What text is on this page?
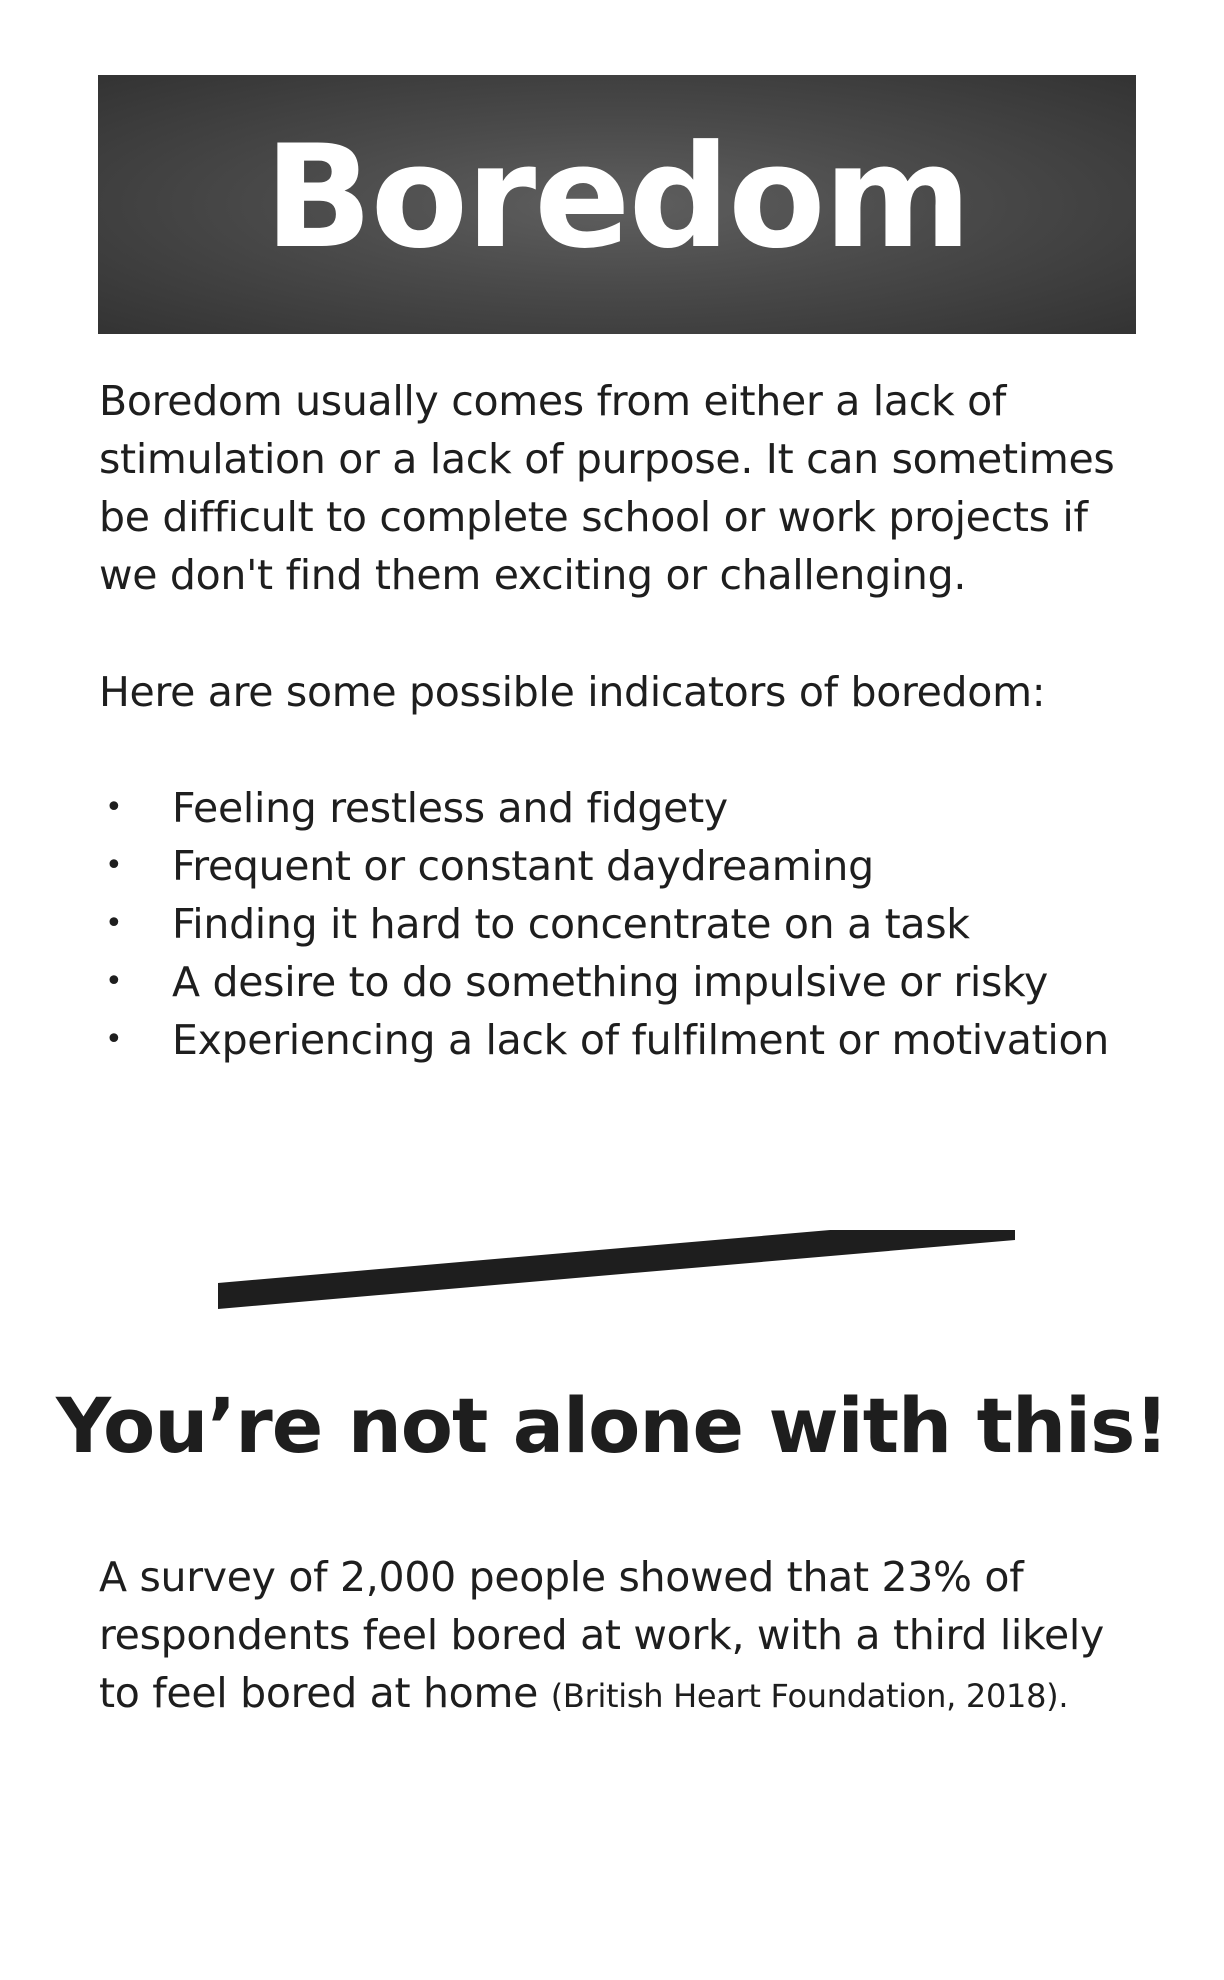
Boredom

Boredom usually comes from either a lack of
stimulation or a lack of purpose. It can sometimes
be difficult to complete school or work projects if
we don't find them exciting or challenging.

Here are some possible indicators of boredom:

• Feeling restless and fidgety
• Frequent or constant daydreaming
• Finding it hard to concentrate on a task
• A desire to do something impulsive or risky
• Experiencing a lack of fulfilment or motivation
You’re not alone with this!

A survey of 2,000 people showed that 23% of
respondents feel bored at work, with a third likely
to feel bored at home (British Heart Foundation, 2018).
